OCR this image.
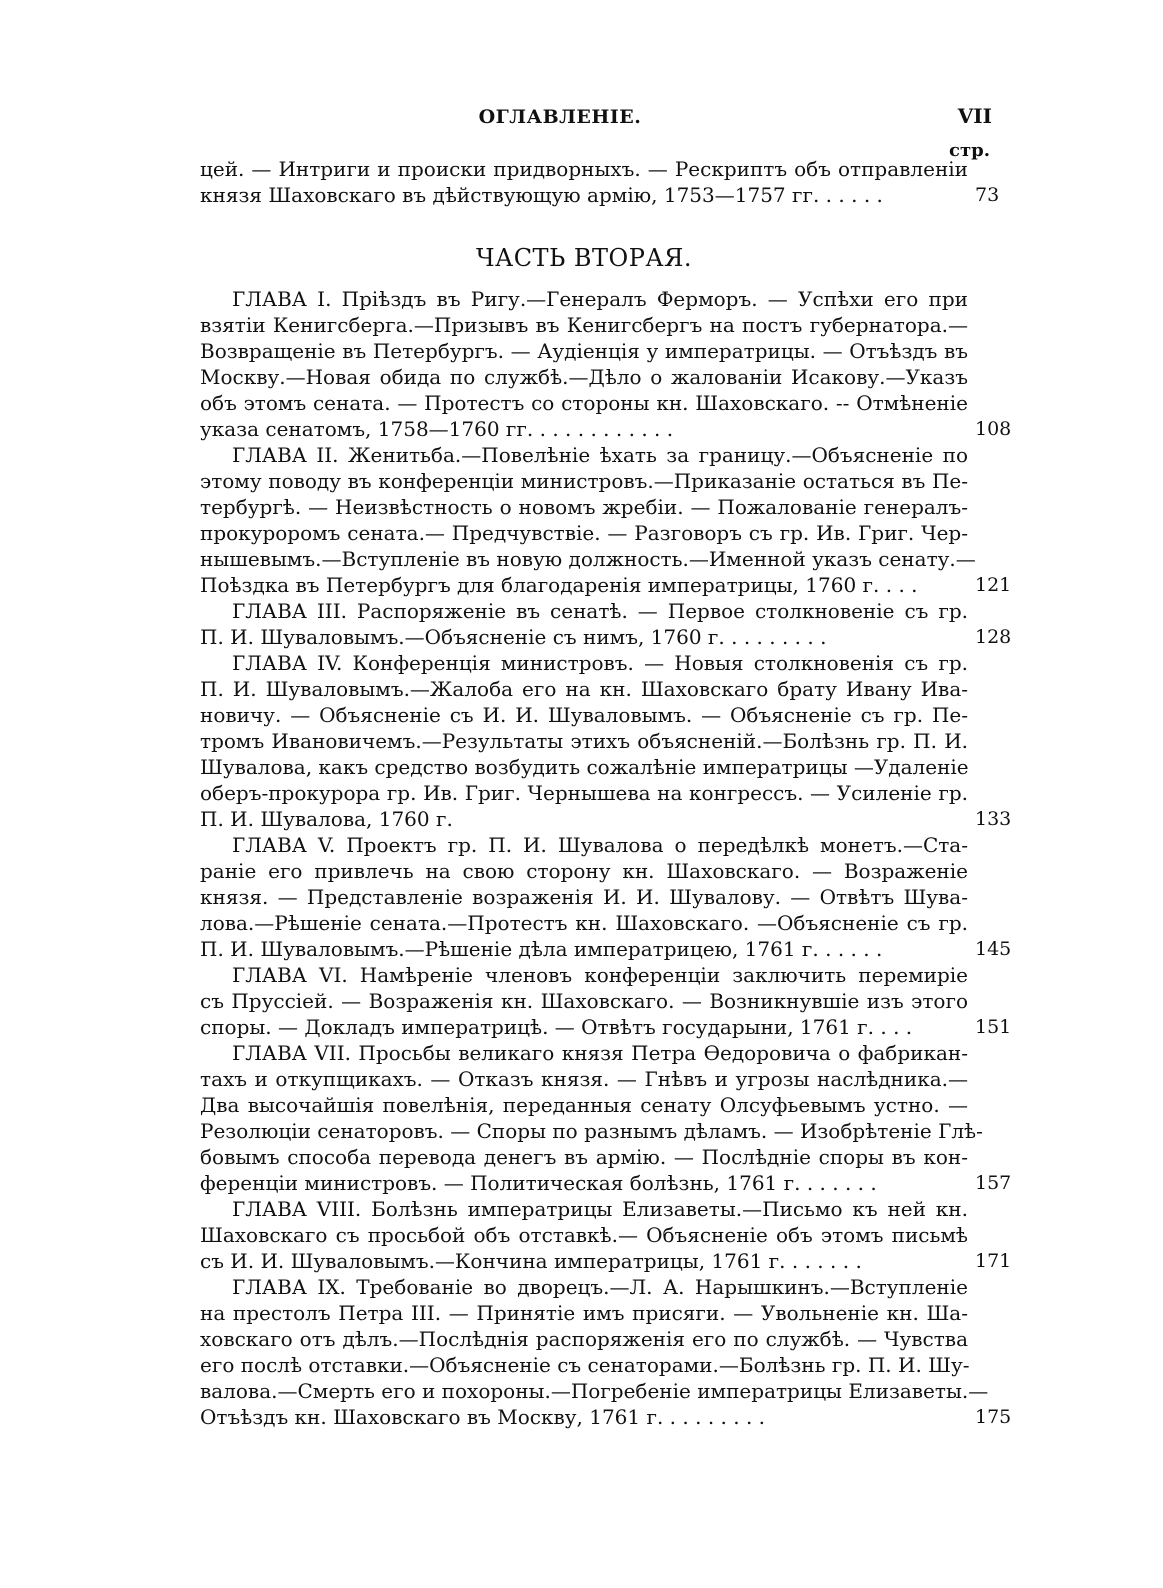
ОГЛАВЛЕНІЕ.	VII
стр.
цей. — Интриги и происки придворныхъ. — Рескриптъ объ отправленіи
князя Шаховскаго въ дѣйствующую армію, 1753—1757 гг. . . . . .	73
ЧАСТЬ ВТОРАЯ.
ГЛАВА І. Пріѣздъ въ Ригу.—Генералъ Ферморъ. — Успѣхи его при
взятіи Кенигсберга.—Призывъ въ Кенигсбергъ на постъ губернатора.—
Возвращеніе въ Петербургъ. — Аудіенція у императрицы. — Отъѣздъ въ
Москву.—Новая обида по службѣ.—Дѣло о жалованіи Исакову.—Указъ
объ этомъ сената. — Протестъ со стороны кн. Шаховскаго. -- Отмѣненіе
указа сенатомъ, 1758—1760 гг. . . . . . . . . . . .	108
ГЛАВА II. Женитьба.—Повелѣніе ѣхать за границу.—Объясненіе по
этому поводу въ конференціи министровъ.—Приказаніе остаться въ Пе-
тербургѣ. — Неизвѣстность о новомъ жребіи. — Пожалованіе генералъ-
прокуроромъ сената.— Предчувствіе. — Разговоръ съ гр. Ив. Григ. Чер-
нышевымъ.—Вступленіе въ новую должность.—Именной указъ сенату.—
Поѣздка въ Петербургъ для благодаренія императрицы, 1760 г. . . .	121
ГЛАВА III. Распоряженіе въ сенатѣ. — Первое столкновеніе съ гр.
П. И. Шуваловымъ.—Объясненіе съ нимъ, 1760 г. . . . . . . . .	128
ГЛАВА IV. Конференція министровъ. — Новыя столкновенія съ гр.
П. И. Шуваловымъ.—Жалоба его на кн. Шаховскаго брату Ивану Ива-
новичу. — Объясненіе съ И. И. Шуваловымъ. — Объясненіе съ гр. Пе-
тромъ Ивановичемъ.—Результаты этихъ объясненій.—Болѣзнь гр. П. И.
Шувалова, какъ средство возбудить сожалѣніе императрицы —Удаленіе
оберъ-прокурора гр. Ив. Григ. Чернышева на конгрессъ. — Усиленіе гр.
П. И. Шувалова, 1760 г.	133
ГЛАВА V. Проектъ гр. П. И. Шувалова о передѣлкѣ монетъ.—Ста-
раніе его привлечь на свою сторону кн. Шаховскаго. — Возраженіе
князя. — Представленіе возраженія И. И. Шувалову. — Отвѣтъ Шува-
лова.—Рѣшеніе сената.—Протестъ кн. Шаховскаго. —Объясненіе съ гр.
П. И. Шуваловымъ.—Рѣшеніе дѣла императрицею, 1761 г. . . . . .	145
ГЛАВА VI. Намѣреніе членовъ конференціи заключить перемиріе
съ Пруссіей. — Возраженія кн. Шаховскаго. — Возникнувшіе изъ этого
споры. — Докладъ императрицѣ. — Отвѣтъ государыни, 1761 г. . . .	151
ГЛАВА VII. Просьбы великаго князя Петра Ѳедоровича о фабрикан-
тахъ и откупщикахъ. — Отказъ князя. — Гнѣвъ и угрозы наслѣдника.—
Два высочайшія повелѣнія, переданныя сенату Олсуфьевымъ устно. —
Резолюціи сенаторовъ. — Споры по разнымъ дѣламъ. — Изобрѣтеніе Глѣ-
бовымъ способа перевода денегъ въ армію. — Послѣдніе споры въ кон-
ференціи министровъ. — Политическая болѣзнь, 1761 г. . . . . . .	157
ГЛАВА VIII. Болѣзнь императрицы Елизаветы.—Письмо къ ней кн.
Шаховскаго съ просьбой объ отставкѣ.— Объясненіе объ этомъ письмѣ
съ И. И. Шуваловымъ.—Кончина императрицы, 1761 г. . . . . . .	171
ГЛАВА IX. Требованіе во дворецъ.—Л. А. Нарышкинъ.—Вступленіе
на престолъ Петра III. — Принятіе имъ присяги. — Увольненіе кн. Ша-
ховскаго отъ дѣлъ.—Послѣднія распоряженія его по службѣ. — Чувства
его послѣ отставки.—Объясненіе съ сенаторами.—Болѣзнь гр. П. И. Шу-
валова.—Смерть его и похороны.—Погребеніе императрицы Елизаветы.—
Отъѣздъ кн. Шаховскаго въ Москву, 1761 г. . . . . . . . .	175
